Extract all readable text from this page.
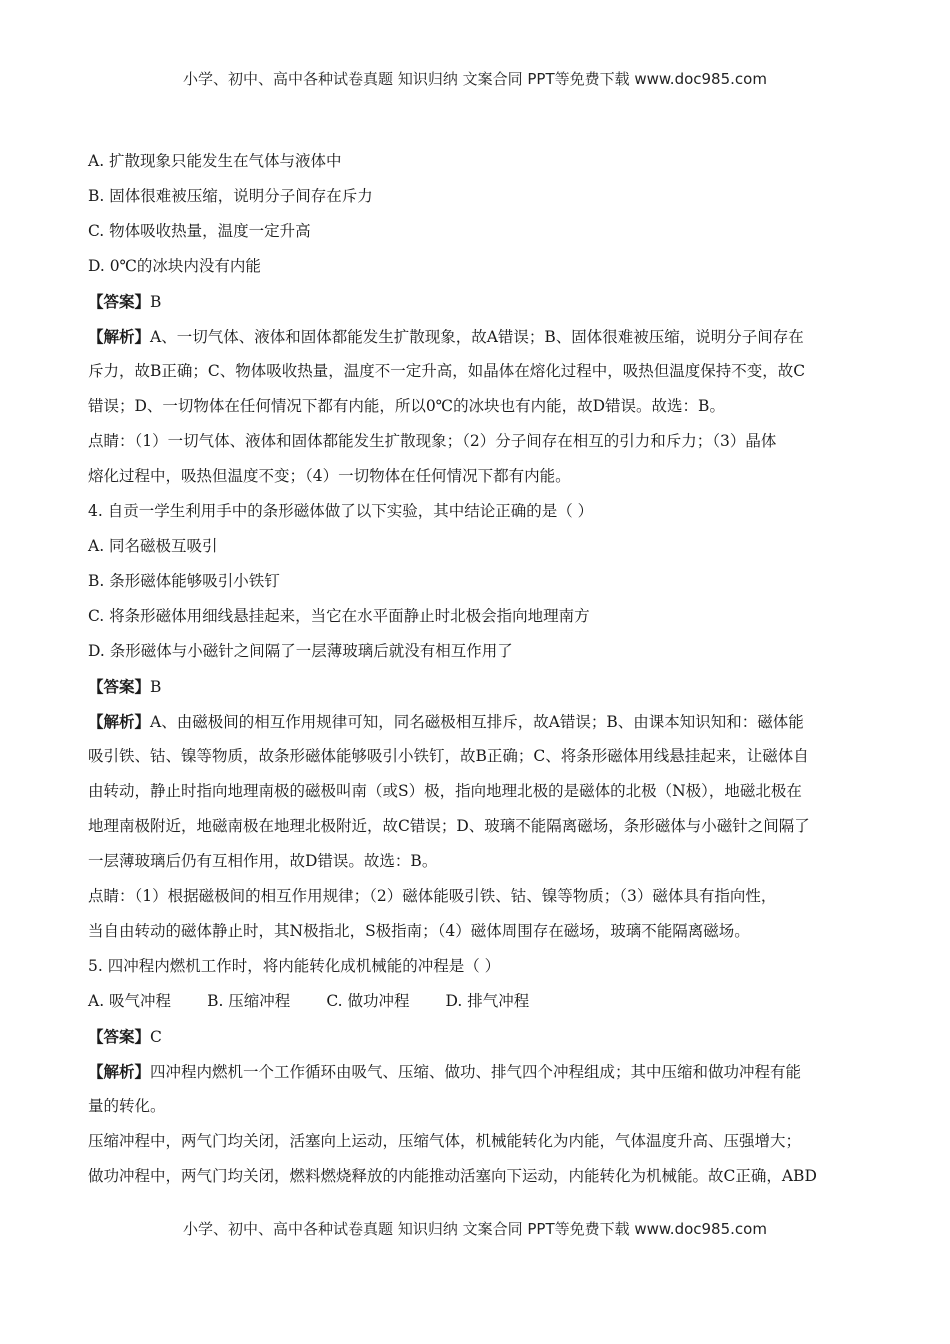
小学、初中、高中各种试卷真题 知识归纳 文案合同 PPT等免费下载 www.doc985.com
A. 扩散现象只能发生在气体与液体中
B. 固体很难被压缩，说明分子间存在斥力
C. 物体吸收热量，温度一定升高
D. 0℃的冰块内没有内能
【答案】B
【解析】A、一切气体、液体和固体都能发生扩散现象，故A错误；B、固体很难被压缩，说明分子间存在
斥力，故B正确；C、物体吸收热量，温度不一定升高，如晶体在熔化过程中，吸热但温度保持不变，故C
错误；D、一切物体在任何情况下都有内能，所以0℃的冰块也有内能，故D错误。故选：B。
点睛：（1）一切气体、液体和固体都能发生扩散现象；（2）分子间存在相互的引力和斥力；（3）晶体
熔化过程中，吸热但温度不变；（4）一切物体在任何情况下都有内能。
4. 自贡一学生利用手中的条形磁体做了以下实验，其中结论正确的是（ ）
A. 同名磁极互吸引
B. 条形磁体能够吸引小铁钉
C. 将条形磁体用细线悬挂起来，当它在水平面静止时北极会指向地理南方
D. 条形磁体与小磁针之间隔了一层薄玻璃后就没有相互作用了
【答案】B
【解析】A、由磁极间的相互作用规律可知，同名磁极相互排斥，故A错误；B、由课本知识知和：磁体能
吸引铁、钴、镍等物质，故条形磁体能够吸引小铁钉，故B正确；C、将条形磁体用线悬挂起来，让磁体自
由转动，静止时指向地理南极的磁极叫南（或S）极，指向地理北极的是磁体的北极（N极），地磁北极在
地理南极附近，地磁南极在地理北极附近，故C错误；D、玻璃不能隔离磁场，条形磁体与小磁针之间隔了
一层薄玻璃后仍有互相作用，故D错误。故选：B。
点睛：（1）根据磁极间的相互作用规律；（2）磁体能吸引铁、钴、镍等物质；（3）磁体具有指向性，
当自由转动的磁体静止时，其N极指北，S极指南；（4）磁体周围存在磁场，玻璃不能隔离磁场。
5. 四冲程内燃机工作时，将内能转化成机械能的冲程是（ ）
A. 吸气冲程 B. 压缩冲程 C. 做功冲程 D. 排气冲程
【答案】C
【解析】四冲程内燃机一个工作循环由吸气、压缩、做功、排气四个冲程组成；其中压缩和做功冲程有能
量的转化。
压缩冲程中，两气门均关闭，活塞向上运动，压缩气体，机械能转化为内能，气体温度升高、压强增大；
做功冲程中，两气门均关闭，燃料燃烧释放的内能推动活塞向下运动，内能转化为机械能。故C正确，ABD
小学、初中、高中各种试卷真题 知识归纳 文案合同 PPT等免费下载 www.doc985.com
